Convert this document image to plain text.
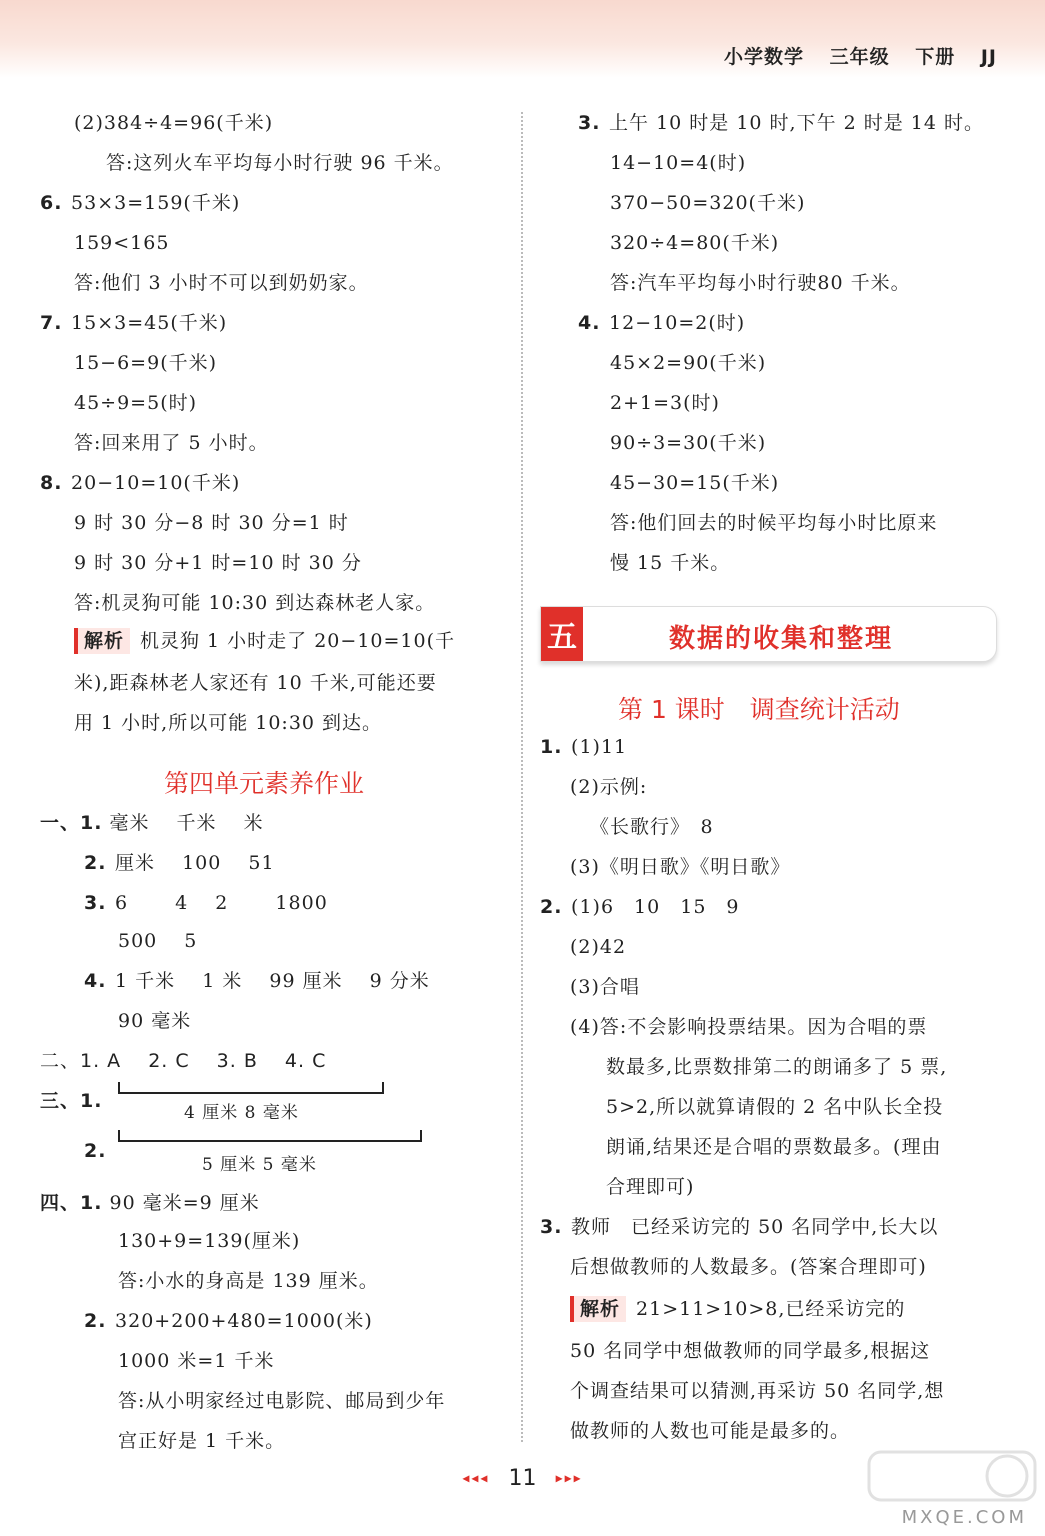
小学数学 三年级 下册 JJ
(2)384÷4=96(千米)
答:这列火车平均每小时行驶 96 千米。
6. 53×3=159(千米)
159<165
答:他们 3 小时不可以到奶奶家。
7. 15×3=45(千米)
15−6=9(千米)
45÷9=5(时)
答:回来用了 5 小时。
8. 20−10=10(千米)
9 时 30 分−8 时 30 分=1 时
9 时 30 分+1 时=10 时 30 分
答:机灵狗可能 10:30 到达森林老人家。
解析 机灵狗 1 小时走了 20−10=10(千
米),距森林老人家还有 10 千米,可能还要
用 1 小时,所以可能 10:30 到达。
第四单元素养作业
一、1. 毫米　 千米　 米
2. 厘米　 100　 51
3. 6　　 4　 2　　 1800
500　 5
4. 1 千米　 1 米　 99 厘米　 9 分米
90 毫米
二、1. A　 2. C　 3. B　 4. C
三、1.
4 厘米 8 毫米
2.
5 厘米 5 毫米
四、1. 90 毫米=9 厘米
130+9=139(厘米)
答:小水的身高是 139 厘米。
2. 320+200+480=1000(米)
1000 米=1 千米
答:从小明家经过电影院、邮局到少年
宫正好是 1 千米。
3. 上午 10 时是 10 时,下午 2 时是 14 时。
14−10=4(时)
370−50=320(千米)
320÷4=80(千米)
答:汽车平均每小时行驶80 千米。
4. 12−10=2(时)
45×2=90(千米)
2+1=3(时)
90÷3=30(千米)
45−30=15(千米)
答:他们回去的时候平均每小时比原来
慢 15 千米。
五	数据的收集和整理
第 1 课时　调查统计活动
1. (1)11
(2)示例:
《长歌行》　8
(3)《明日歌》《明日歌》
2. (1)6　10　15　9
(2)42
(3)合唱
(4)答:不会影响投票结果。因为合唱的票
数最多,比票数排第二的朗诵多了 5 票,
5>2,所以就算请假的 2 名中队长全投
朗诵,结果还是合唱的票数最多。(理由
合理即可)
3. 教师　已经采访完的 50 名同学中,长大以
后想做教师的人数最多。(答案合理即可)
解析 21>11>10>8,已经采访完的
50 名同学中想做教师的同学最多,根据这
个调查结果可以猜测,再采访 50 名同学,想
做教师的人数也可能是最多的。
◂◂◂ 11 ▸▸▸
MXQE.COM
